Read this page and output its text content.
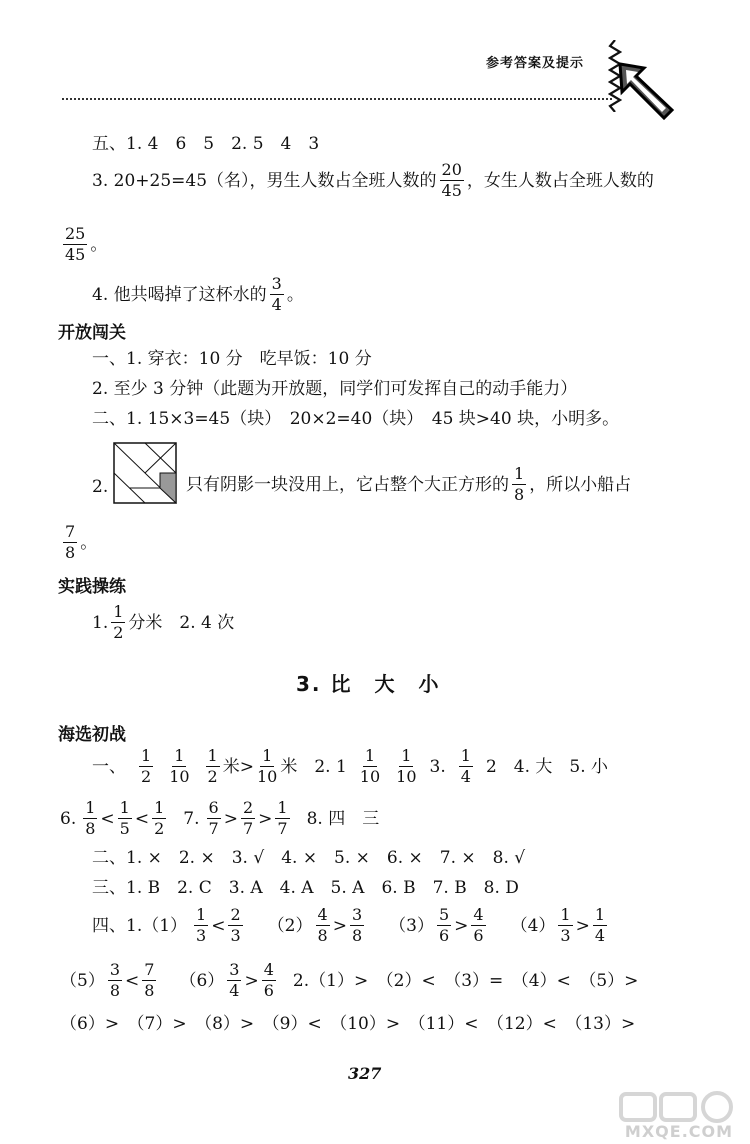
参考答案及提示
五、1. 4　6　5　2. 5　4　3
3. 20+25=45（名），男生人数占全班人数的 $\frac{20}{45}$ ，女生人数占全班人数的
$\frac{25}{45}$ 。
4. 他共喝掉了这杯水的 $\frac{3}{4}$ 。
开放闯关
一、1. 穿衣：10 分　吃早饭：10 分
2. 至少 3 分钟（此题为开放题，同学们可发挥自己的动手能力）
二、1. 15×3=45（块）　20×2=40（块）　45 块>40 块，小明多。
2.	只有阴影一块没用上，它占整个大正方形的 $\frac{1}{8}$ ，所以小船占
$\frac{7}{8}$ 。
实践操练
1. $\frac{1}{2}$ 分米　2. 4 次
3. 比　大　小
海选初战
一、 $\frac{1}{2} \frac{1}{10} \frac{1}{2}$ 米> $\frac{1}{10}$ 米　2. $1 \frac{1}{10} \frac{1}{10} 3$. $\frac{1}{4} 2$　4. 大　5. 小
6. $\frac{1}{8} < \frac{1}{5} < \frac{1}{2} 7$. $\frac{6}{7} > \frac{2}{7} > \frac{1}{7} 8$. 四　三
二、1. ×　2. ×　3. √　4. ×　5. ×　6. ×　7. ×　8. √
三、1. B　2. C　3. A　4. A　5. A　6. B　7. B　8. D
四、$1.(1) \frac{1}{3} < \frac{2}{3} (2) \frac{4}{8} > \frac{3}{8} (3) \frac{5}{6} > \frac{4}{6} (4) \frac{1}{3} > \frac{1}{4}$
$(5) \frac{3}{8} < \frac{7}{8} (6) \frac{3}{4} > \frac{4}{6} 2.(1)>$　（2）<　（3）=　（4）<　（5）>
（6）>　（7）>　（8）>　（9）<　（10）>　（11）<　（12）<　（13）>
327
MXQE.COM
